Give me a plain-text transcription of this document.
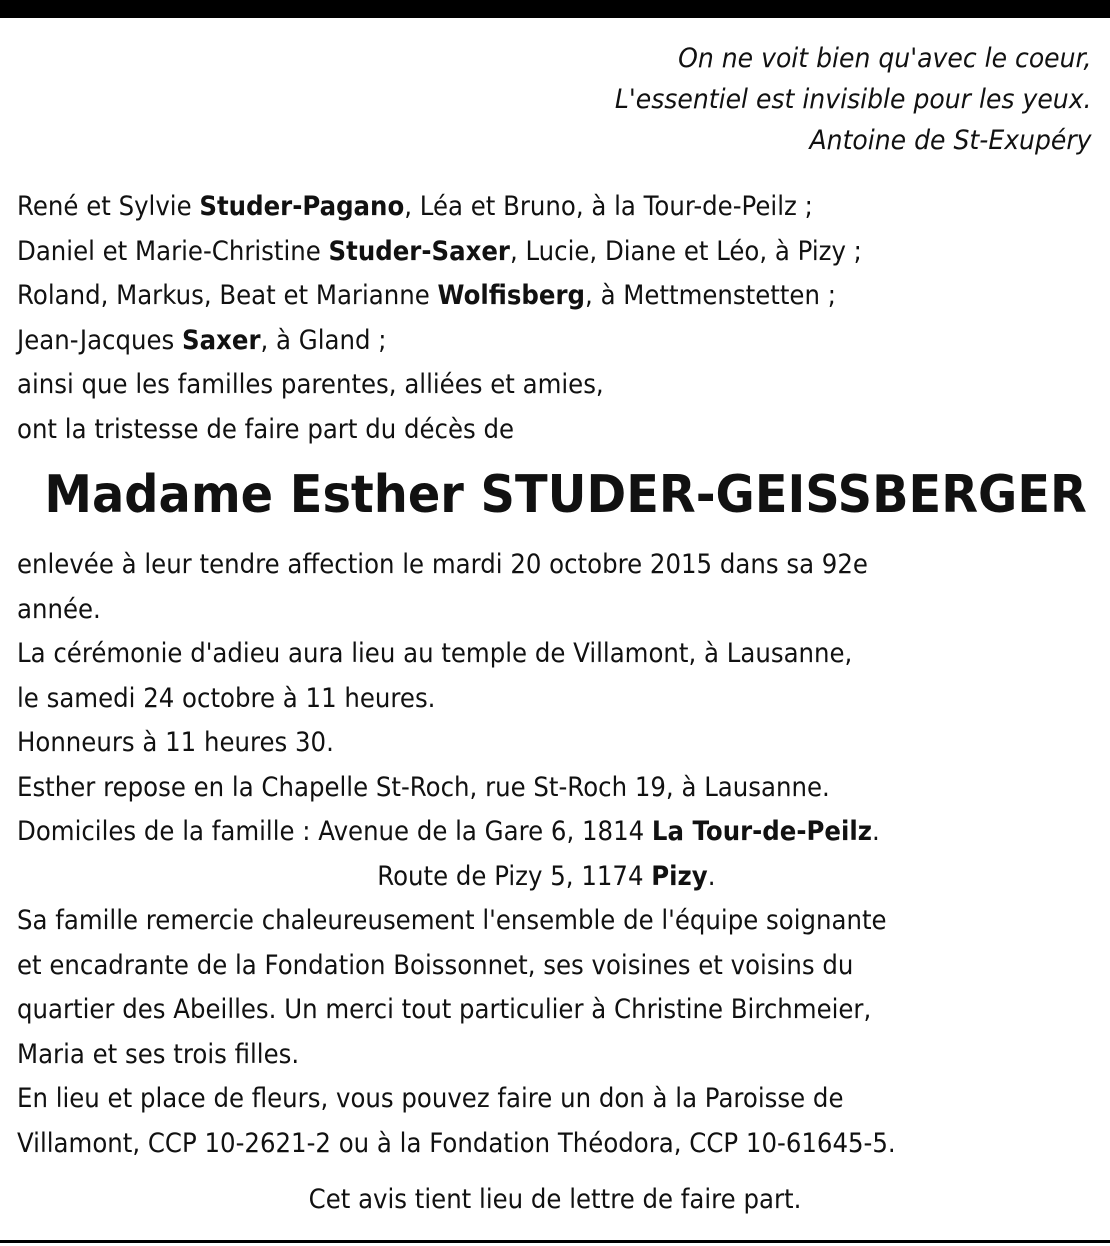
On ne voit bien qu'avec le coeur,
L'essentiel est invisible pour les yeux.
Antoine de St-Exupéry
René et Sylvie Studer-Pagano, Léa et Bruno, à la Tour-de-Peilz ;
Daniel et Marie-Christine Studer-Saxer, Lucie, Diane et Léo, à Pizy ;
Roland, Markus, Beat et Marianne Wolfisberg, à Mettmenstetten ;
Jean-Jacques Saxer, à Gland ;
ainsi que les familles parentes, alliées et amies,
ont la tristesse de faire part du décès de
Madame Esther STUDER-GEISSBERGER
enlevée à leur tendre affection le mardi 20 octobre 2015 dans sa 92e
année.
La cérémonie d'adieu aura lieu au temple de Villamont, à Lausanne,
le samedi 24 octobre à 11 heures.
Honneurs à 11 heures 30.
Esther repose en la Chapelle St-Roch, rue St-Roch 19, à Lausanne.
Domiciles de la famille : Avenue de la Gare 6, 1814 La Tour-de-Peilz.
Route de Pizy 5, 1174 Pizy.
Sa famille remercie chaleureusement l'ensemble de l'équipe soignante
et encadrante de la Fondation Boissonnet, ses voisines et voisins du
quartier des Abeilles. Un merci tout particulier à Christine Birchmeier,
Maria et ses trois filles.
En lieu et place de fleurs, vous pouvez faire un don à la Paroisse de
Villamont, CCP 10-2621-2 ou à la Fondation Théodora, CCP 10-61645-5.
Cet avis tient lieu de lettre de faire part.
